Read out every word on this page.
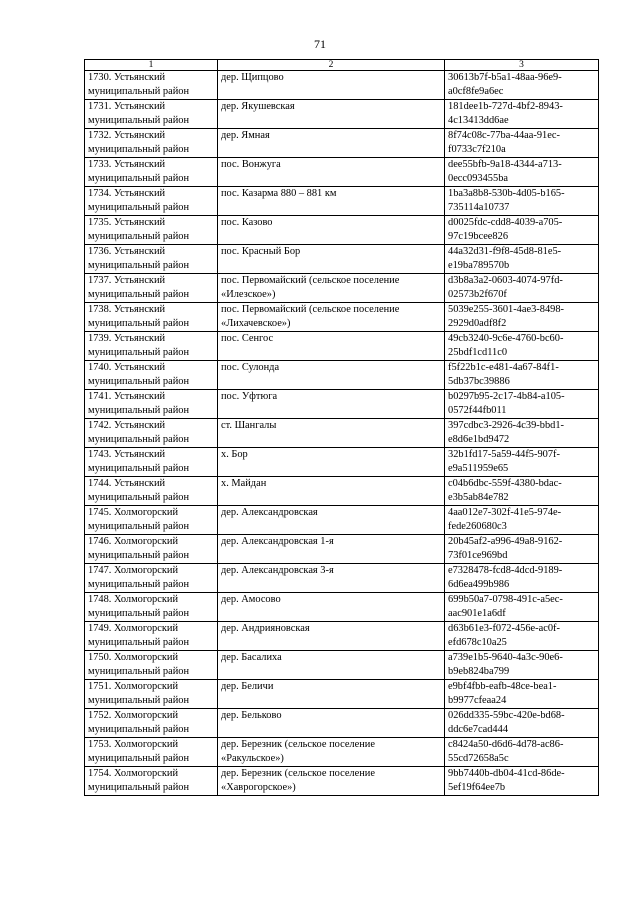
71
1	2	3

1730. Устьянский
муниципальный район	дер. Щипцово	30613b7f-b5a1-48aa-96e9-
a0cf8fe9a6ec

1731. Устьянский
муниципальный район	дер. Якушевская	181dee1b-727d-4bf2-8943-
4c13413dd6ae

1732. Устьянский
муниципальный район	дер. Ямная	8f74c08c-77ba-44aa-91ec-
f0733c7f210a

1733. Устьянский
муниципальный район	пос. Вонжуга	dee55bfb-9a18-4344-a713-
0ecc093455ba

1734. Устьянский
муниципальный район	пос. Казарма 880 – 881 км	1ba3a8b8-530b-4d05-b165-
735114a10737

1735. Устьянский
муниципальный район	пос. Казово	d0025fdc-cdd8-4039-a705-
97c19bcee826

1736. Устьянский
муниципальный район	пос. Красный Бор	44a32d31-f9f8-45d8-81e5-
e19ba789570b

1737. Устьянский
муниципальный район	пос. Первомайский (сельское поселение
«Илезское»)	d3b8a3a2-0603-4074-97fd-
02573b2f670f

1738. Устьянский
муниципальный район	пос. Первомайский (сельское поселение
«Лихачевское»)	5039e255-3601-4ae3-8498-
2929d0adf8f2

1739. Устьянский
муниципальный район	пос. Сенгос	49cb3240-9c6e-4760-bc60-
25bdf1cd11c0

1740. Устьянский
муниципальный район	пос. Сулонда	f5f22b1c-e481-4a67-84f1-
5db37bc39886

1741. Устьянский
муниципальный район	пос. Уфтюга	b0297b95-2c17-4b84-a105-
0572f44fb011

1742. Устьянский
муниципальный район	ст. Шангалы	397cdbc3-2926-4c39-bbd1-
e8d6e1bd9472

1743. Устьянский
муниципальный район	х. Бор	32b1fd17-5a59-44f5-907f-
e9a511959e65

1744. Устьянский
муниципальный район	х. Майдан	c04b6dbc-559f-4380-bdac-
e3b5ab84e782

1745. Холмогорский
муниципальный район	дер. Александровская	4aa012e7-302f-41e5-974e-
fede260680c3

1746. Холмогорский
муниципальный район	дер. Александровская 1-я	20b45af2-a996-49a8-9162-
73f01ce969bd

1747. Холмогорский
муниципальный район	дер. Александровская 3-я	e7328478-fcd8-4dcd-9189-
6d6ea499b986

1748. Холмогорский
муниципальный район	дер. Амосово	699b50a7-0798-491c-a5ec-
aac901e1a6df

1749. Холмогорский
муниципальный район	дер. Андрияновская	d63b61e3-f072-456e-ac0f-
efd678c10a25

1750. Холмогорский
муниципальный район	дер. Басалиха	a739e1b5-9640-4a3c-90e6-
b9eb824ba799

1751. Холмогорский
муниципальный район	дер. Беличи	e9bf4fbb-eafb-48ce-bea1-
b9977cfeaa24

1752. Холмогорский
муниципальный район	дер. Бельково	026dd335-59bc-420e-bd68-
ddc6e7cad444

1753. Холмогорский
муниципальный район	дер. Березник (сельское поселение
«Ракульское»)	c8424a50-d6d6-4d78-ac86-
55cd72658a5c

1754. Холмогорский
муниципальный район	дер. Березник (сельское поселение
«Хаврогорское»)	9bb7440b-db04-41cd-86de-
5ef19f64ee7b
